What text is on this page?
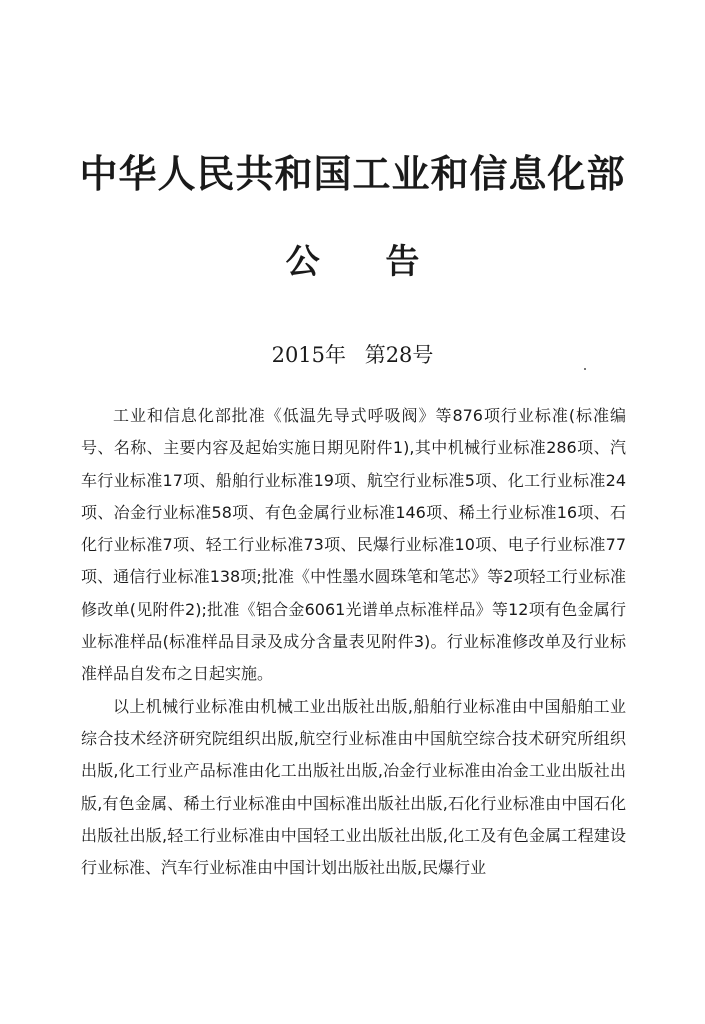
中华人民共和国工业和信息化部
公 告
2015年 第28号

工业和信息化部批准《低温先导式呼吸阀》等876项行业标准(标准编号、名称、主要内容及起始实施日期见附件1),其中机械行业标准286项、汽车行业标准17项、船舶行业标准19项、航空行业标准5项、化工行业标准24项、冶金行业标准58项、有色金属行业标准146项、稀土行业标准16项、石化行业标准7项、轻工行业标准73项、民爆行业标准10项、电子行业标准77项、通信行业标准138项;批准《中性墨水圆珠笔和笔芯》等2项轻工行业标准修改单(见附件2);批准《铝合金6061光谱单点标准样品》等12项有色金属行业标准样品(标准样品目录及成分含量表见附件3)。行业标准修改单及行业标准样品自发布之日起实施。

以上机械行业标准由机械工业出版社出版,船舶行业标准由中国船舶工业综合技术经济研究院组织出版,航空行业标准由中国航空综合技术研究所组织出版,化工行业产品标准由化工出版社出版,冶金行业标准由冶金工业出版社出版,有色金属、稀土行业标准由中国标准出版社出版,石化行业标准由中国石化出版社出版,轻工行业标准由中国轻工业出版社出版,化工及有色金属工程建设行业标准、汽车行业标准由中国计划出版社出版,民爆行业
